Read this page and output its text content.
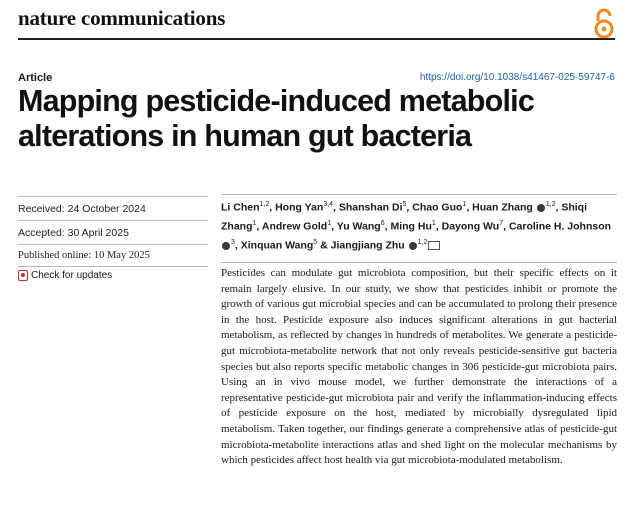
nature communications
Article	https://doi.org/10.1038/s41467-025-59747-6
Mapping pesticide-induced metabolic alterations in human gut bacteria
Received: 24 October 2024
Accepted: 30 April 2025
Published online: 10 May 2025
Check for updates
Li Chen$^{1,2}$, Hong Yan$^{3,4}$, Shanshan Di$^5$, Chao Guo$^1$, Huan Zhang $^{1,2}$, Shiqi Zhang$^1$, Andrew Gold$^1$, Yu Wang$^6$, Ming Hu$^1$, Dayong Wu$^7$, Caroline H. Johnson $^3$, Xinquan Wang$^5$ & Jiangjiang Zhu $^{1,2}$

Pesticides can modulate gut microbiota composition, but their specific effects on it remain largely elusive. In our study, we show that pesticides inhibit or promote the growth of various gut microbial species and can be accumulated to prolong their presence in the host. Pesticide exposure also induces significant alterations in gut bacterial metabolism, as reflected by changes in hundreds of metabolites. We generate a pesticide-gut microbiota-metabolite network that not only reveals pesticide-sensitive gut bacteria species but also reports specific metabolic changes in 306 pesticide-gut microbiota pairs. Using an in vivo mouse model, we further demonstrate the interactions of a representative pesticide-gut microbiota pair and verify the inflammation-inducing effects of pesticide exposure on the host, mediated by microbially dysregulated lipid metabolism. Taken together, our findings generate a comprehensive atlas of pesticide-gut microbiota-metabolite interactions atlas and shed light on the molecular mechanisms by which pesticides affect host health via gut microbiota-modulated metabolism.
